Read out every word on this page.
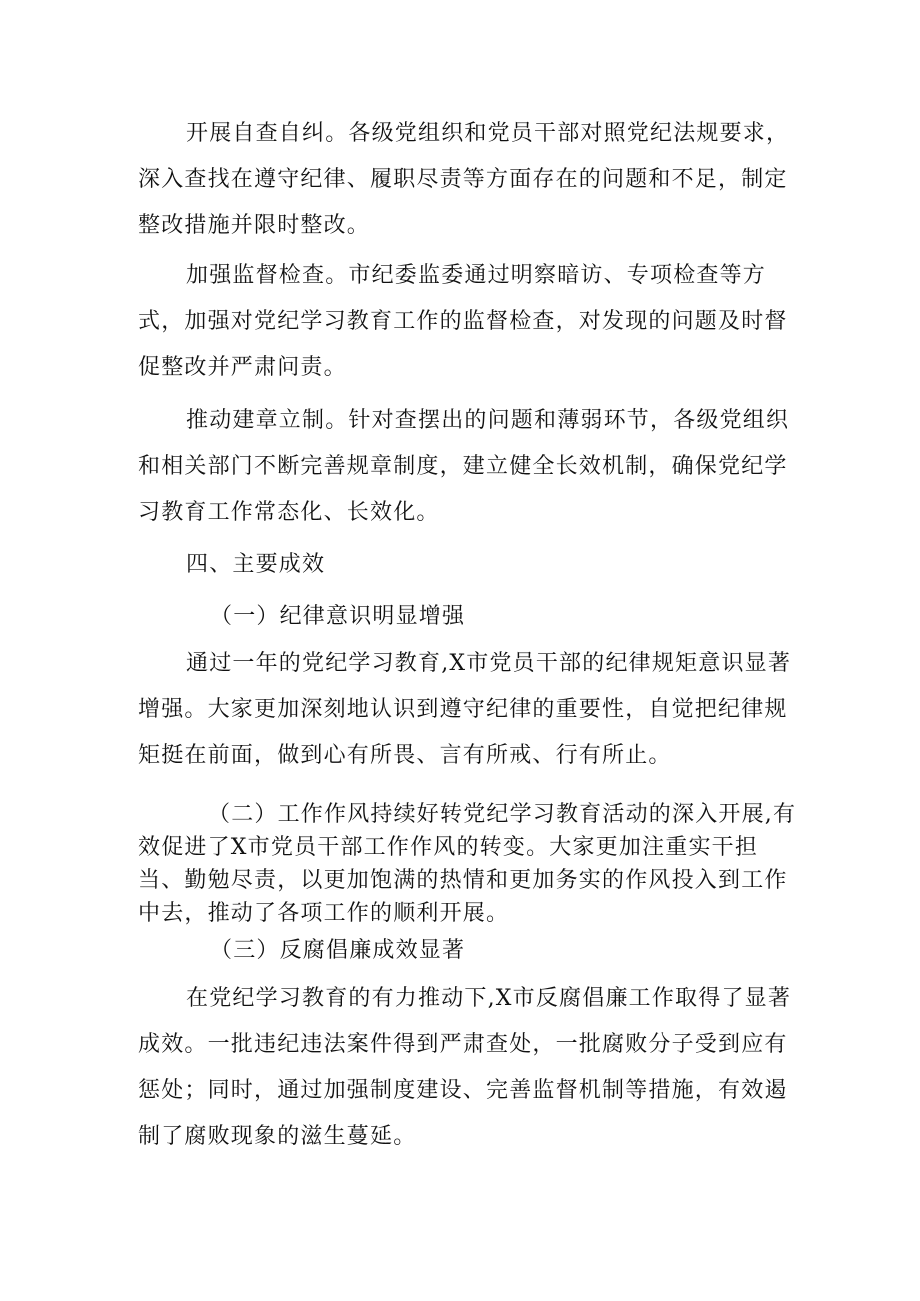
开展自查自纠。各级党组织和党员干部对照党纪法规要求，深入查找在遵守纪律、履职尽责等方面存在的问题和不足，制定整改措施并限时整改。

加强监督检查。市纪委监委通过明察暗访、专项检查等方式，加强对党纪学习教育工作的监督检查，对发现的问题及时督促整改并严肃问责。

推动建章立制。针对查摆出的问题和薄弱环节，各级党组织和相关部门不断完善规章制度，建立健全长效机制，确保党纪学习教育工作常态化、长效化。

四、主要成效

（一）纪律意识明显增强

通过一年的党纪学习教育,X市党员干部的纪律规矩意识显著增强。大家更加深刻地认识到遵守纪律的重要性，自觉把纪律规矩挺在前面，做到心有所畏、言有所戒、行有所止。

（二）工作作风持续好转党纪学习教育活动的深入开展,有效促进了X市党员干部工作作风的转变。大家更加注重实干担当、勤勉尽责，以更加饱满的热情和更加务实的作风投入到工作中去，推动了各项工作的顺利开展。

（三）反腐倡廉成效显著

在党纪学习教育的有力推动下,X市反腐倡廉工作取得了显著成效。一批违纪违法案件得到严肃查处，一批腐败分子受到应有惩处；同时，通过加强制度建设、完善监督机制等措施，有效遏制了腐败现象的滋生蔓延。
